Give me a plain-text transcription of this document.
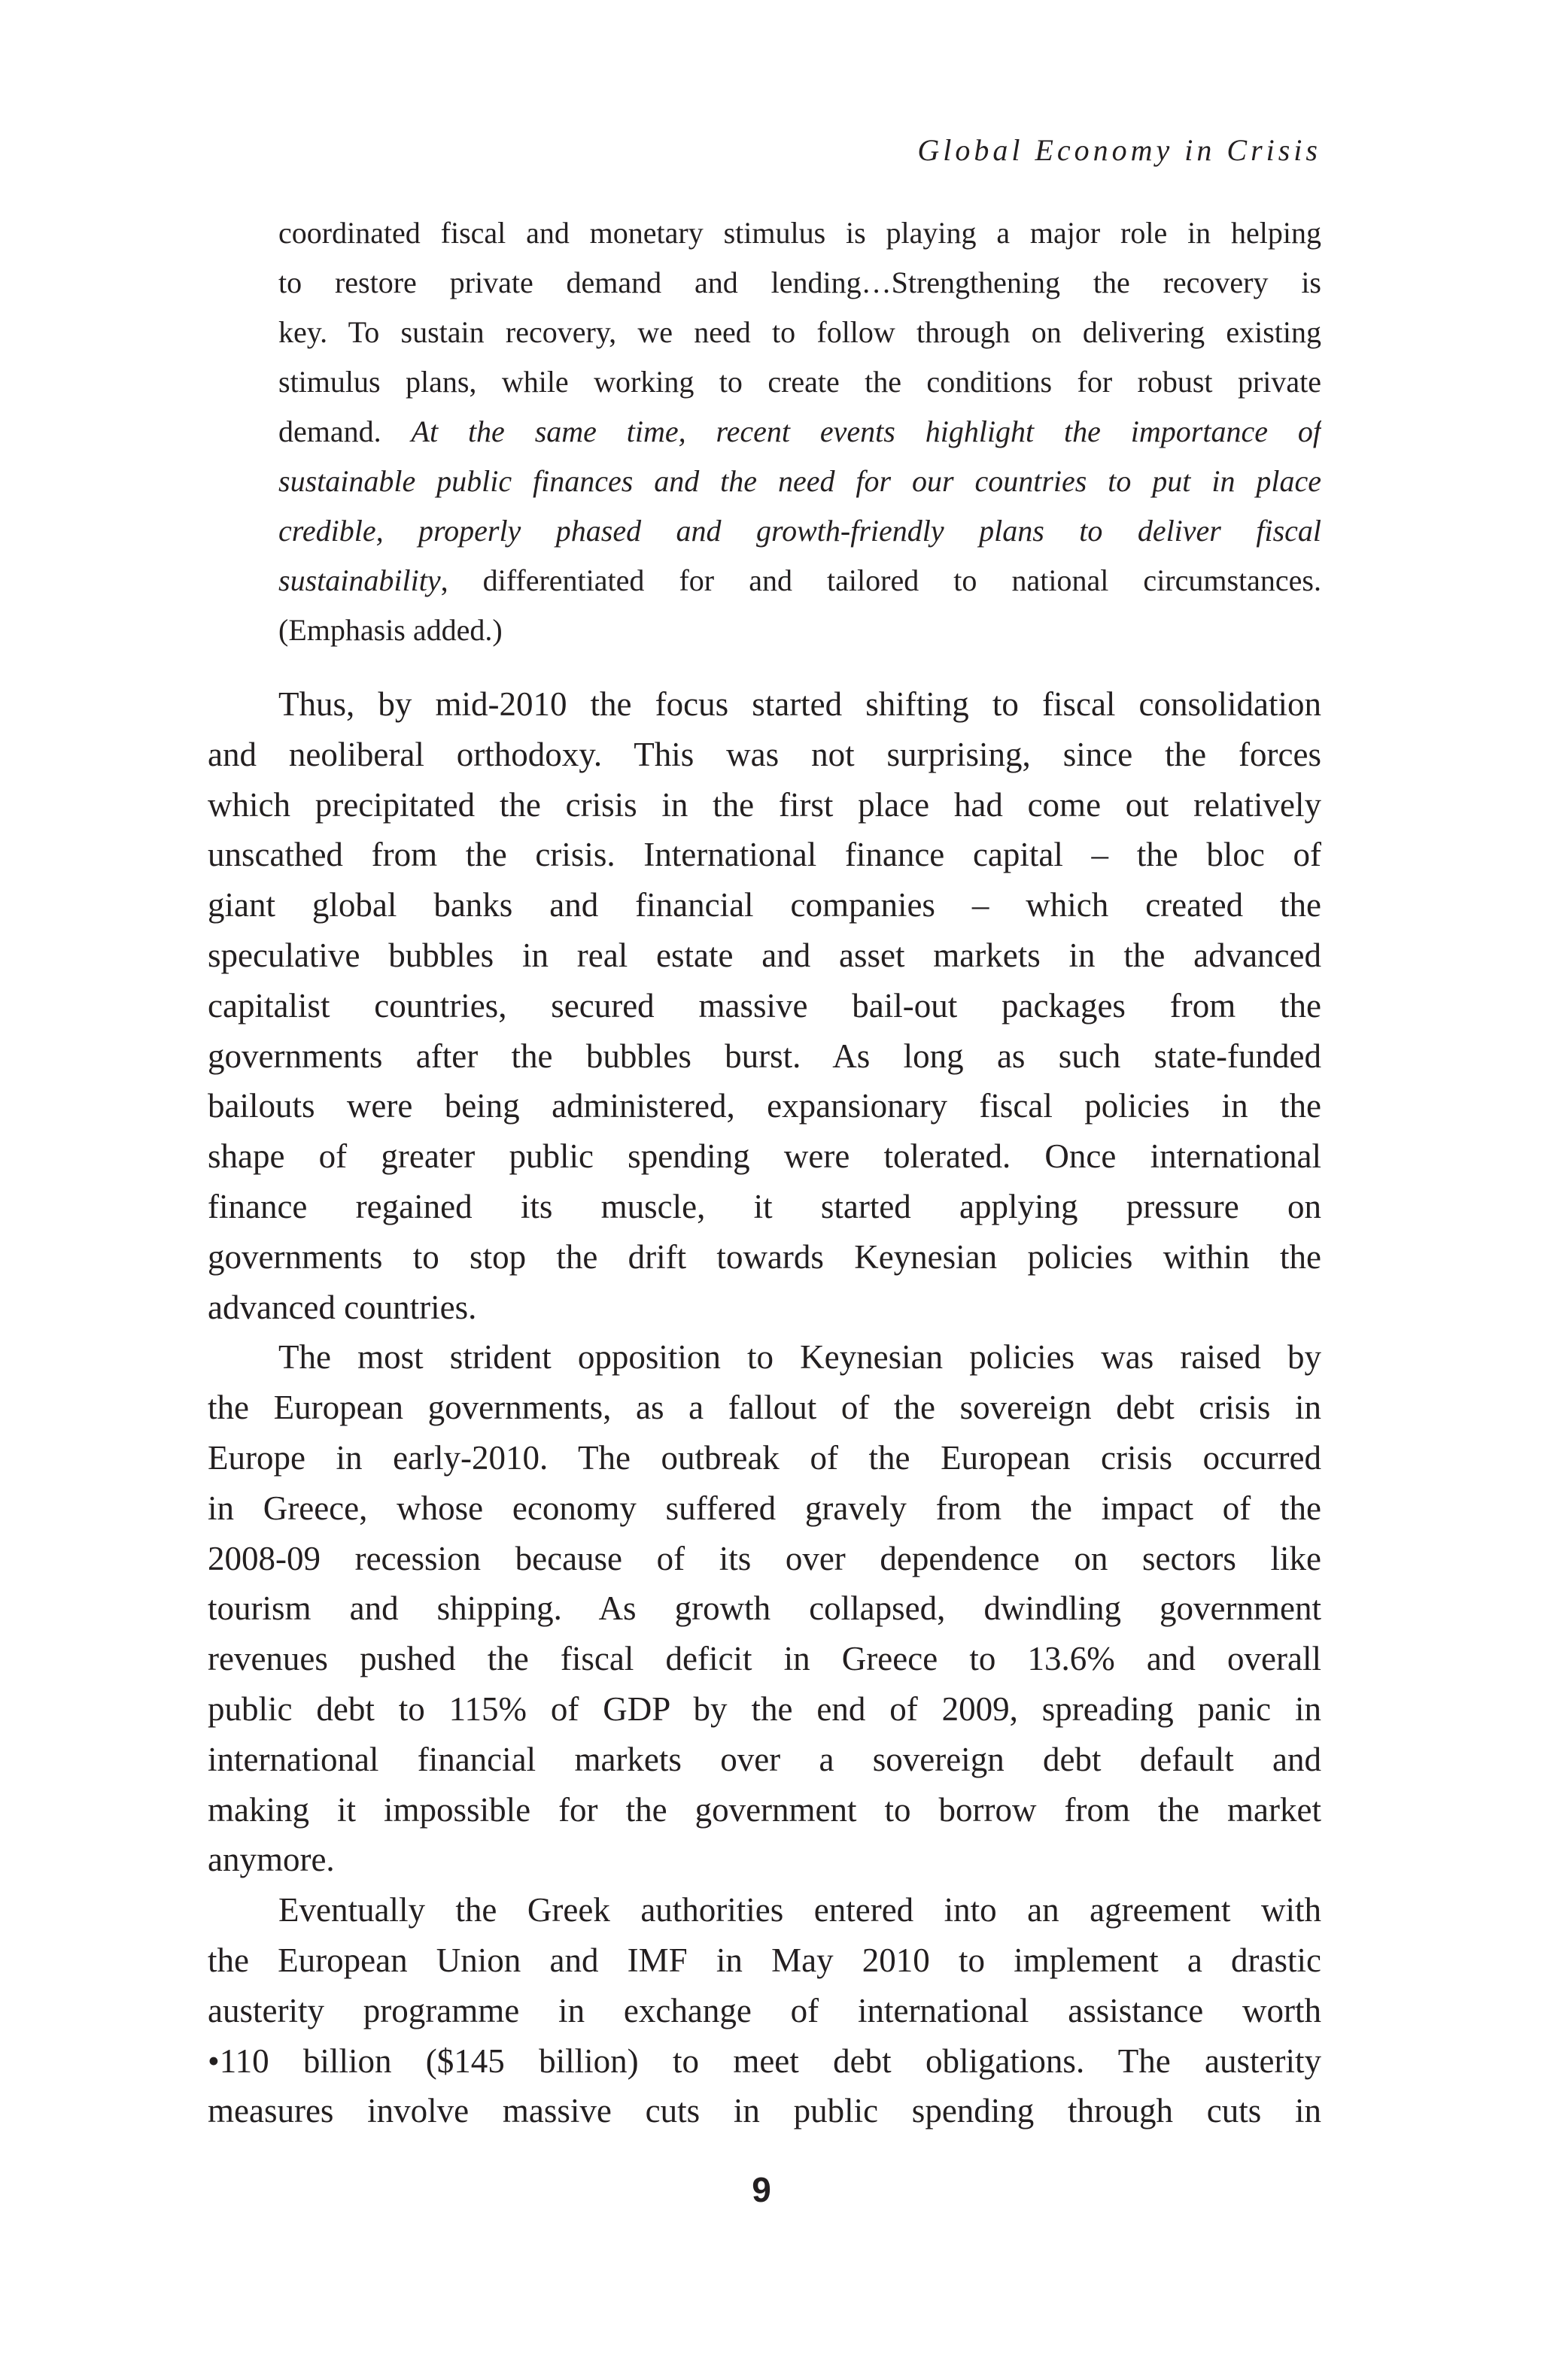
Global Economy in Crisis
coordinated fiscal and monetary stimulus is playing a major role in helping
to restore private demand and lending…Strengthening the recovery is
key. To sustain recovery, we need to follow through on delivering existing
stimulus plans, while working to create the conditions for robust private
demand. At the same time, recent events highlight the importance of
sustainable public finances and the need for our countries to put in place
credible, properly phased and growth-friendly plans to deliver fiscal
sustainability, differentiated for and tailored to national circumstances.
(Emphasis added.)
Thus, by mid-2010 the focus started shifting to fiscal consolidation
and neoliberal orthodoxy. This was not surprising, since the forces
which precipitated the crisis in the first place had come out relatively
unscathed from the crisis. International finance capital – the bloc of
giant global banks and financial companies – which created the
speculative bubbles in real estate and asset markets in the advanced
capitalist countries, secured massive bail-out packages from the
governments after the bubbles burst. As long as such state-funded
bailouts were being administered, expansionary fiscal policies in the
shape of greater public spending were tolerated. Once international
finance regained its muscle, it started applying pressure on
governments to stop the drift towards Keynesian policies within the
advanced countries.
The most strident opposition to Keynesian policies was raised by
the European governments, as a fallout of the sovereign debt crisis in
Europe in early-2010. The outbreak of the European crisis occurred
in Greece, whose economy suffered gravely from the impact of the
2008-09 recession because of its over dependence on sectors like
tourism and shipping. As growth collapsed, dwindling government
revenues pushed the fiscal deficit in Greece to 13.6% and overall
public debt to 115% of GDP by the end of 2009, spreading panic in
international financial markets over a sovereign debt default and
making it impossible for the government to borrow from the market
anymore.
Eventually the Greek authorities entered into an agreement with
the European Union and IMF in May 2010 to implement a drastic
austerity programme in exchange of international assistance worth
•110 billion ($145 billion) to meet debt obligations. The austerity
measures involve massive cuts in public spending through cuts in
9
